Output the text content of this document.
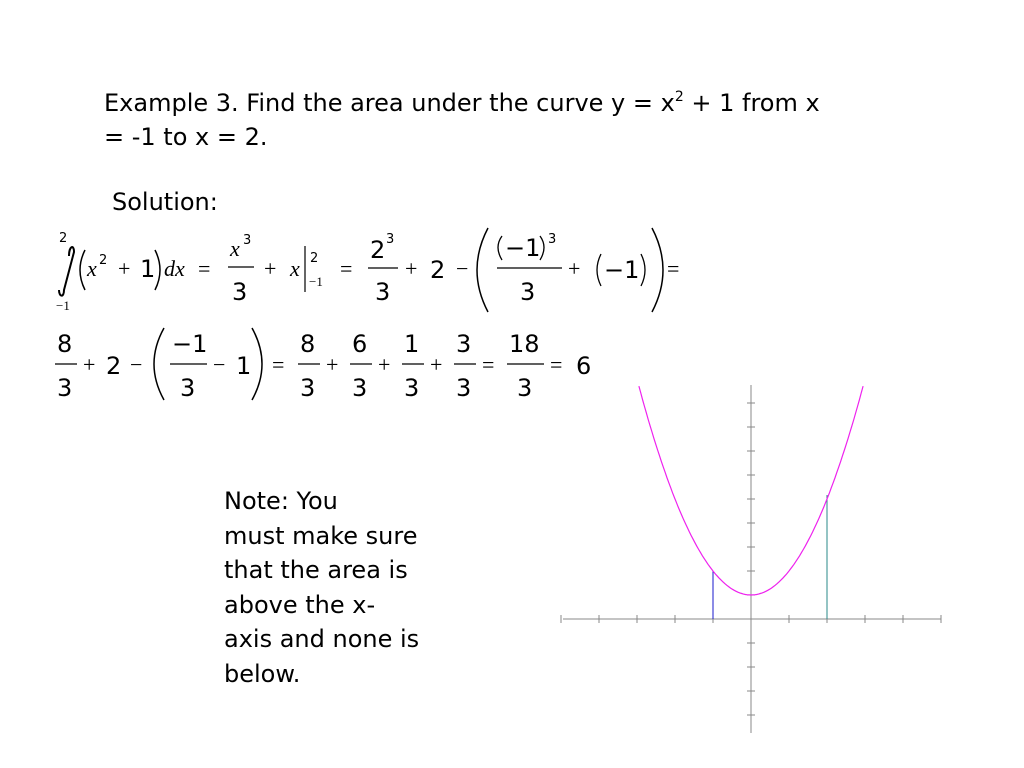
Example 3. Find the area under the curve $y = x^2 + 1$ from x
= -1 to x = 2.
Solution:
2
−1
x 2 + 1 dx =
x 3
3
+ x 2
−1
=
2 3
3
+ 2 −
−1 3
3
+ −1 =
8
3
+ 2 −
−1
3
− 1 =
8
3
+
6
3
+
1
3
+
3
3
=
18
3
= 6
Note: You
must make sure
that the area is
above the x-
axis and none is
below.
